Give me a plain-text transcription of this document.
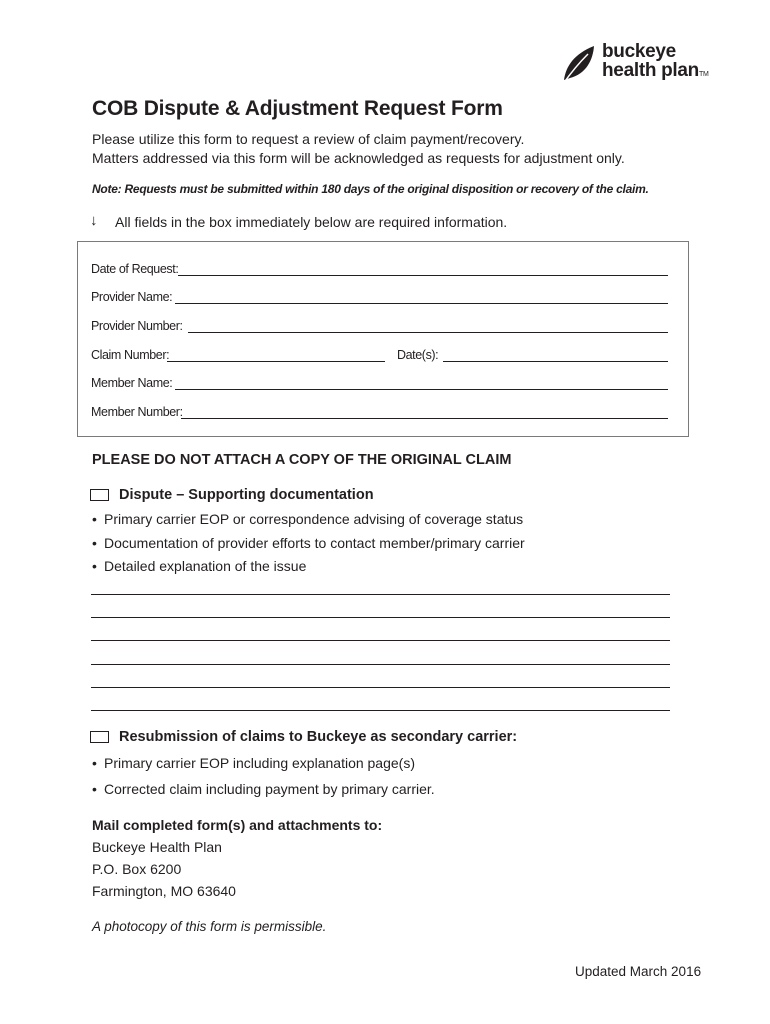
buckeye
health planTM
COB Dispute & Adjustment Request Form
Please utilize this form to request a review of claim payment/recovery.
Matters addressed via this form will be acknowledged as requests for adjustment only.
Note: Requests must be submitted within 180 days of the original disposition or recovery of the claim.
↓ All fields in the box immediately below are required information.
Date of Request:
Provider Name:
Provider Number:
Claim Number:	Date(s):
Member Name:
Member Number:
PLEASE DO NOT ATTACH A COPY OF THE ORIGINAL CLAIM
Dispute – Supporting documentation
• Primary carrier EOP or correspondence advising of coverage status
• Documentation of provider efforts to contact member/primary carrier
• Detailed explanation of the issue
Resubmission of claims to Buckeye as secondary carrier:
• Primary carrier EOP including explanation page(s)
• Corrected claim including payment by primary carrier.
Mail completed form(s) and attachments to:
Buckeye Health Plan
P.O. Box 6200
Farmington, MO 63640
A photocopy of this form is permissible.
Updated March 2016
